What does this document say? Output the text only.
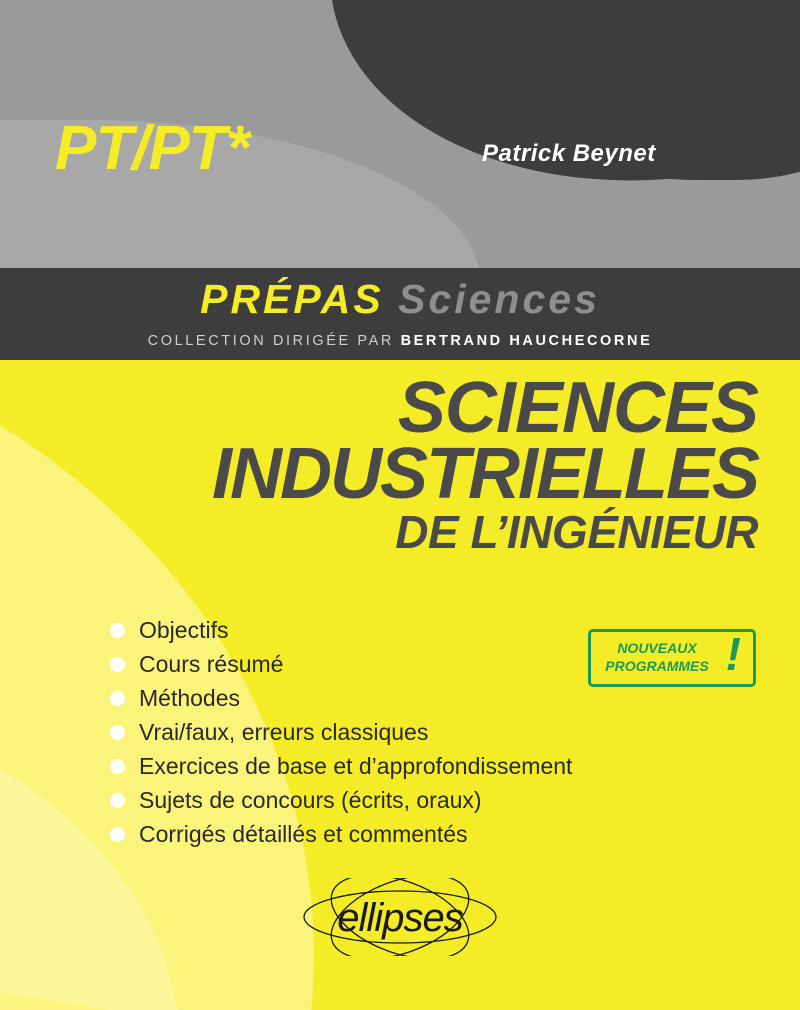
PT/PT*	Patrick Beynet
PRÉPAS Sciences
COLLECTION DIRIGÉE PAR BERTRAND HAUCHECORNE
SCIENCES
INDUSTRIELLES
DE L’INGÉNIEUR
NOUVEAUX
PROGRAMMES !
Objectifs
Cours résumé
Méthodes
Vrai/faux, erreurs classiques
Exercices de base et d’approfondissement
Sujets de concours (écrits, oraux)
Corrigés détaillés et commentés
ellipses
